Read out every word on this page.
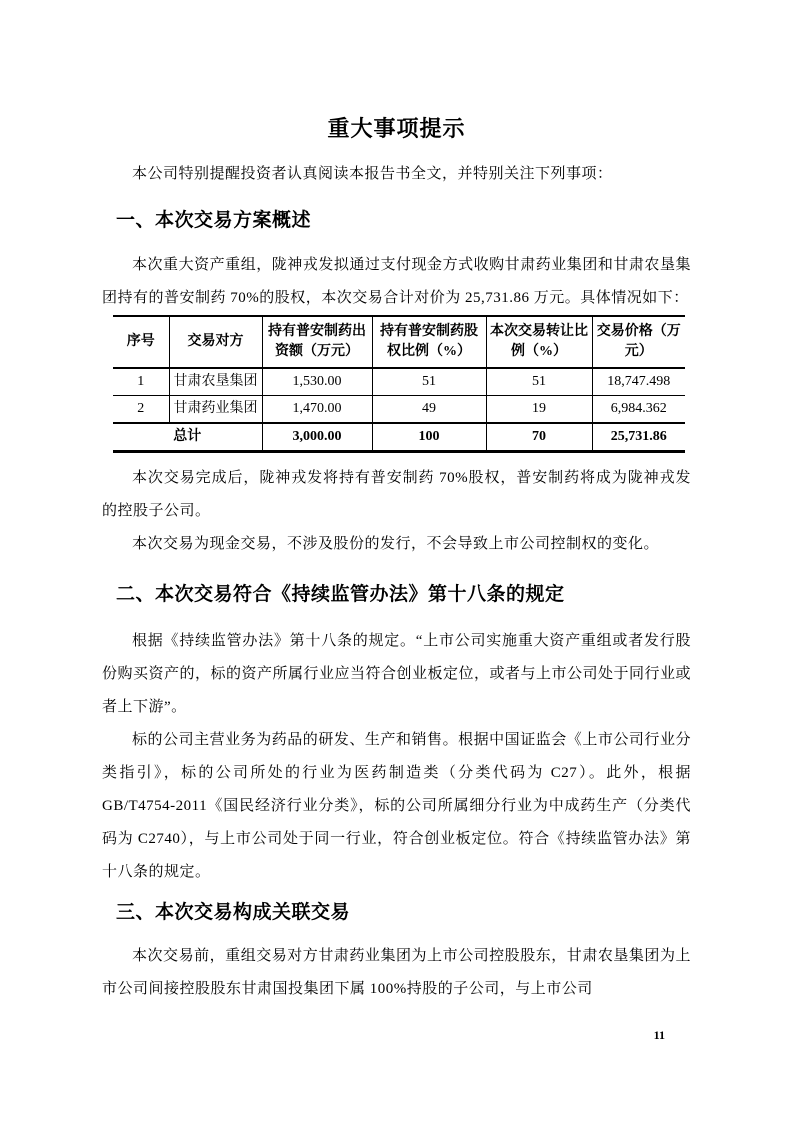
重大事项提示

本公司特别提醒投资者认真阅读本报告书全文，并特别关注下列事项：

一、本次交易方案概述

本次重大资产重组，陇神戎发拟通过支付现金方式收购甘肃药业集团和甘肃农垦集团持有的普安制药 70%的股权，本次交易合计对价为 25,731.86 万元。具体情况如下：

序号	交易对方	持有普安制药出资额（万元）	持有普安制药股权比例（%）	本次交易转让比例（%）	交易价格（万元）
1	甘肃农垦集团	1,530.00	51	51	18,747.498
2	甘肃药业集团	1,470.00	49	19	6,984.362
总计		3,000.00	100	70	25,731.86

本次交易完成后，陇神戎发将持有普安制药 70%股权，普安制药将成为陇神戎发的控股子公司。

本次交易为现金交易，不涉及股份的发行，不会导致上市公司控制权的变化。

二、本次交易符合《持续监管办法》第十八条的规定

根据《持续监管办法》第十八条的规定。“上市公司实施重大资产重组或者发行股份购买资产的，标的资产所属行业应当符合创业板定位，或者与上市公司处于同行业或者上下游”。

标的公司主营业务为药品的研发、生产和销售。根据中国证监会《上市公司行业分类指引》，标的公司所处的行业为医药制造类（分类代码为 C27）。此外，根据 GB/T4754-2011《国民经济行业分类》，标的公司所属细分行业为中成药生产（分类代码为 C2740），与上市公司处于同一行业，符合创业板定位。符合《持续监管办法》第十八条的规定。

三、本次交易构成关联交易

本次交易前，重组交易对方甘肃药业集团为上市公司控股股东，甘肃农垦集团为上市公司间接控股股东甘肃国投集团下属 100%持股的子公司，与上市公司

11
